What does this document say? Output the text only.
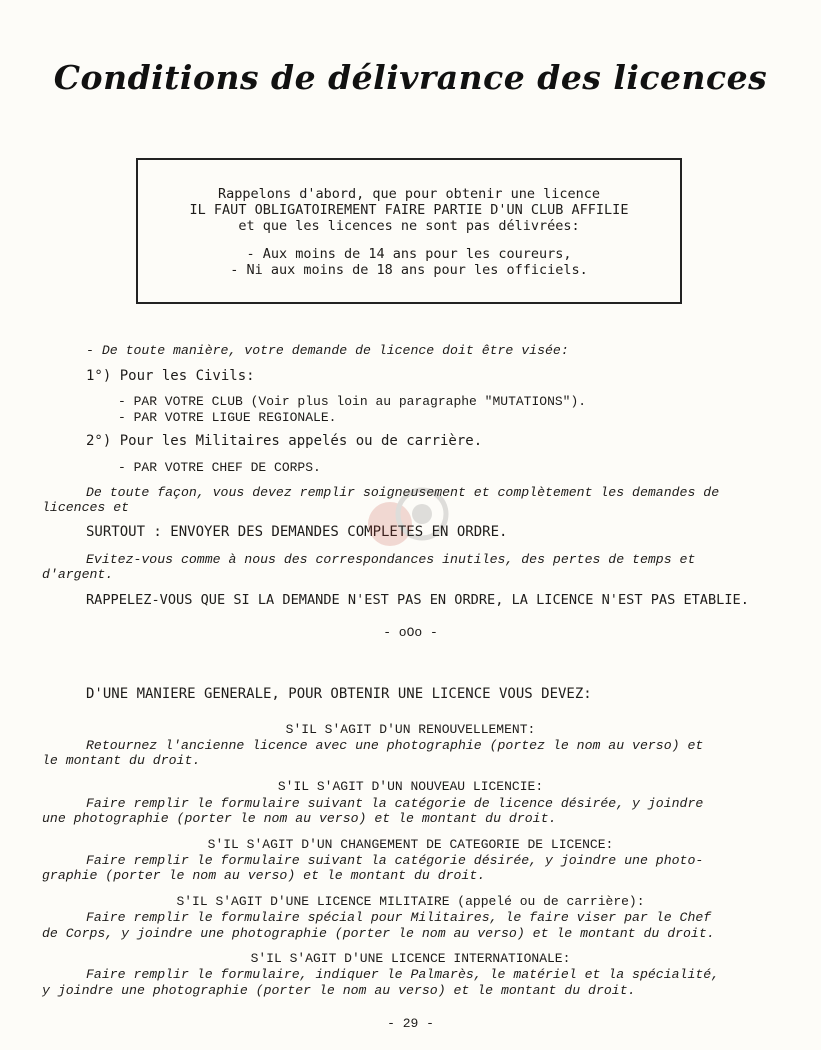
Conditions de délivrance des licences
Rappelons d'abord, que pour obtenir une licence
IL FAUT OBLIGATOIREMENT FAIRE PARTIE D'UN CLUB AFFILIE
et que les licences ne sont pas délivrées:
- Aux moins de 14 ans pour les coureurs,
- Ni aux moins de 18 ans pour les officiels.
- De toute manière, votre demande de licence doit être visée:
1°) Pour les Civils:
- PAR VOTRE CLUB (Voir plus loin au paragraphe "MUTATIONS").
- PAR VOTRE LIGUE REGIONALE.
2°) Pour les Militaires appelés ou de carrière.
- PAR VOTRE CHEF DE CORPS.
De toute façon, vous devez remplir soigneusement et complètement les demandes de
licences et
SURTOUT : ENVOYER DES DEMANDES COMPLETES EN ORDRE.
Evitez-vous comme à nous des correspondances inutiles, des pertes de temps et
d'argent.
RAPPELEZ-VOUS QUE SI LA DEMANDE N'EST PAS EN ORDRE, LA LICENCE N'EST PAS ETABLIE.
- oOo -
D'UNE MANIERE GENERALE, POUR OBTENIR UNE LICENCE VOUS DEVEZ:
S'IL S'AGIT D'UN RENOUVELLEMENT:
Retournez l'ancienne licence avec une photographie (portez le nom au verso) et
le montant du droit.
S'IL S'AGIT D'UN NOUVEAU LICENCIE:
Faire remplir le formulaire suivant la catégorie de licence désirée, y joindre
une photographie (porter le nom au verso) et le montant du droit.
S'IL S'AGIT D'UN CHANGEMENT DE CATEGORIE DE LICENCE:
Faire remplir le formulaire suivant la catégorie désirée, y joindre une photo-
graphie (porter le nom au verso) et le montant du droit.
S'IL S'AGIT D'UNE LICENCE MILITAIRE (appelé ou de carrière):
Faire remplir le formulaire spécial pour Militaires, le faire viser par le Chef
de Corps, y joindre une photographie (porter le nom au verso) et le montant du droit.
S'IL S'AGIT D'UNE LICENCE INTERNATIONALE:
Faire remplir le formulaire, indiquer le Palmarès, le matériel et la spécialité,
y joindre une photographie (porter le nom au verso) et le montant du droit.
- 29 -
